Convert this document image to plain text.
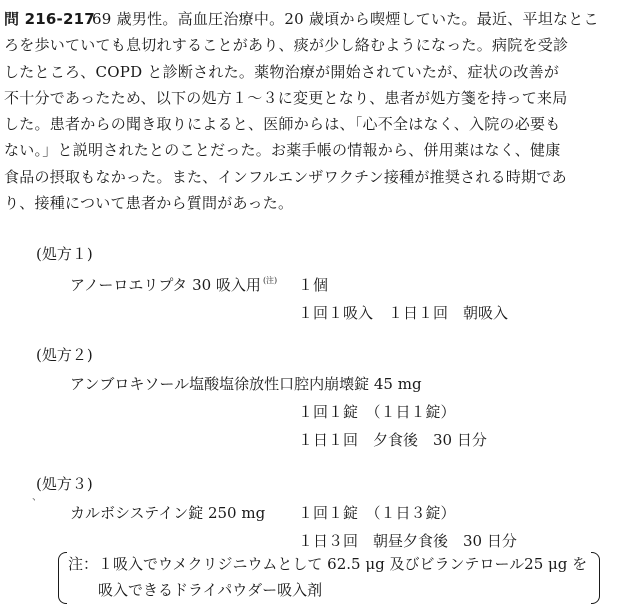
69 歳男性。高血圧治療中。20 歳頃から喫煙していた。最近、平坦なとこ
ろを歩いていても息切れすることがあり、痰が少し絡むようになった。病院を受診
したところ、COPD と診断された。薬物治療が開始されていたが、症状の改善が
不十分であったため、以下の処方１～３に変更となり、患者が処方箋を持って来局
した。患者からの聞き取りによると、医師からは、「心不全はなく、入院の必要も
ない。」と説明されたとのことだった。お薬手帳の情報から、併用薬はなく、健康
食品の摂取もなかった。また、インフルエンザワクチン接種が推奨される時期であ
り、接種について患者から質問があった。
問 216-217
(処方１)
アノーロエリプタ 30 吸入用 $^{(注)}$ １個
１回１吸入　１日１回　朝吸入
(処方２)
アンブロキソール塩酸塩徐放性口腔内崩壊錠 45 mg
１回１錠　（１日１錠）
１日１回　夕食後　30 日分
、
(処方３)
カルボシステイン錠 250 mg １回１錠　（１日３錠）
１日３回　朝昼夕食後　30 日分
注：１吸入でウメクリジニウムとして 62.5 μg 及びビランテロール25 μg を
吸入できるドライパウダー吸入剤
